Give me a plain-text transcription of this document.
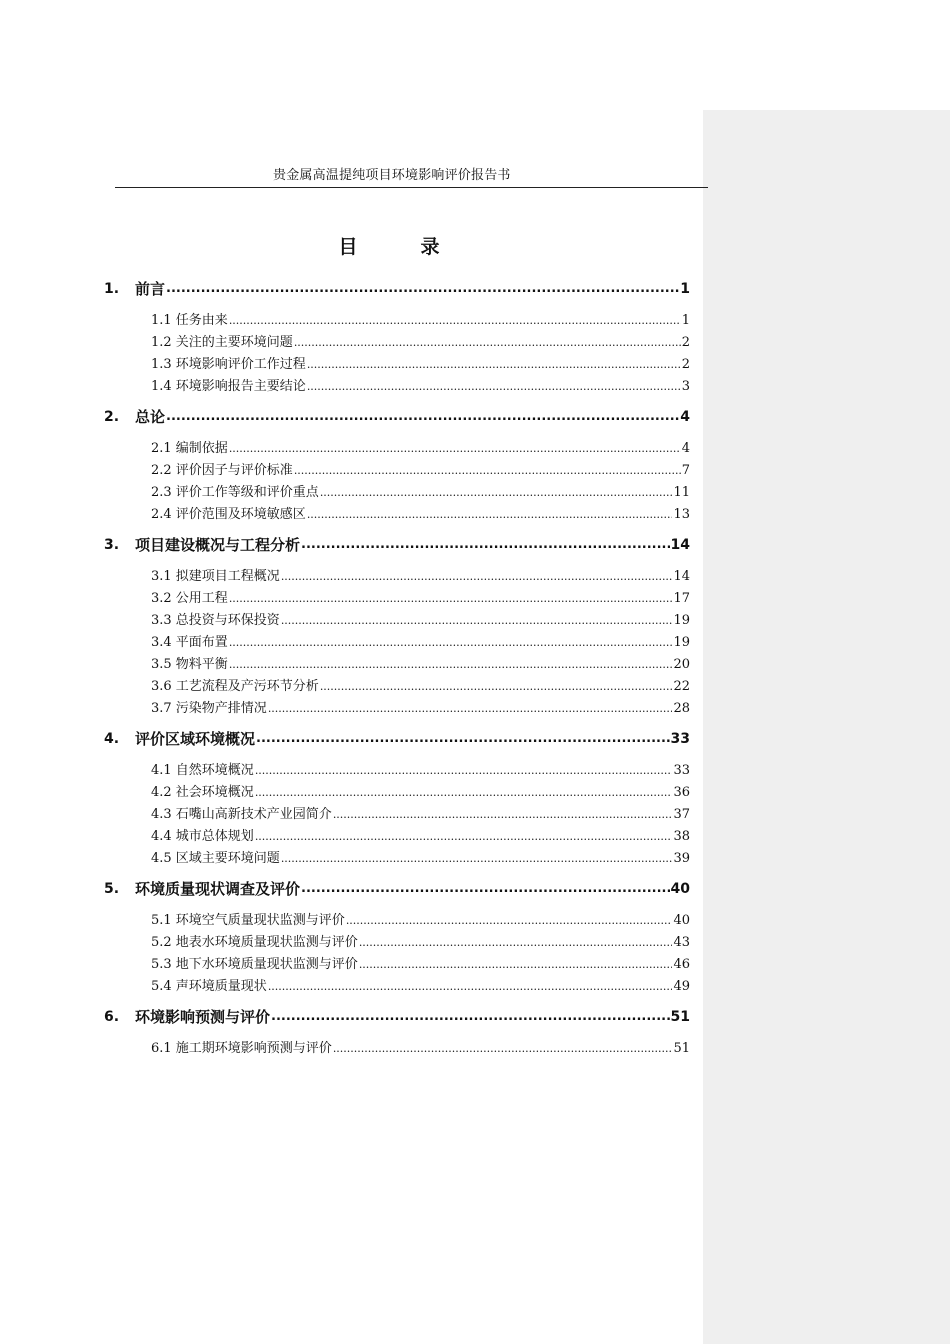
贵金属高温提纯项目环境影响评价报告书
目　录
1.	前言 .....	1
1.1 任务由来 .....	1
1.2 关注的主要环境问题 .....	2
1.3 环境影响评价工作过程 .....	2
1.4 环境影响报告主要结论 .....	3
2.	总论 .....	4
2.1 编制依据 .....	4
2.2 评价因子与评价标准 .....	7
2.3 评价工作等级和评价重点 .....	11
2.4 评价范围及环境敏感区 .....	13
3.	项目建设概况与工程分析 .....	14
3.1 拟建项目工程概况 .....	14
3.2 公用工程 .....	17
3.3 总投资与环保投资 .....	19
3.4 平面布置 .....	19
3.5 物料平衡 .....	20
3.6 工艺流程及产污环节分析 .....	22
3.7 污染物产排情况 .....	28
4.	评价区域环境概况 .....	33
4.1 自然环境概况 .....	33
4.2 社会环境概况 .....	36
4.3 石嘴山高新技术产业园简介 .....	37
4.4 城市总体规划 .....	38
4.5 区域主要环境问题 .....	39
5.	环境质量现状调查及评价 .....	40
5.1 环境空气质量现状监测与评价 .....	40
5.2 地表水环境质量现状监测与评价 .....	43
5.3 地下水环境质量现状监测与评价 .....	46
5.4 声环境质量现状 .....	49
6.	环境影响预测与评价 .....	51
6.1 施工期环境影响预测与评价 .....	51
